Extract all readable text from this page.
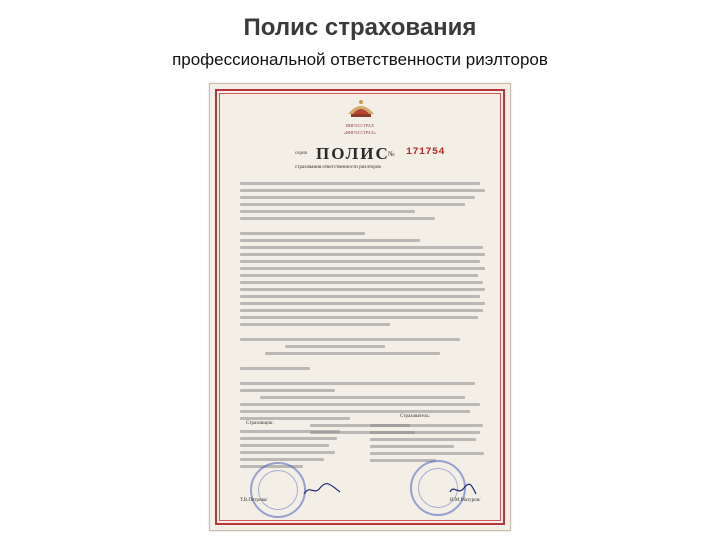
Полис страхования
профессиональной ответственности риэлторов
ИНГОССТРАХ
«ИНГОССТРАХ»
серия ПОЛИС
№ 171754
страхования ответственности риэлторов
Страховщик:
Страхователь:
Т.В.Петрова/	Н.М.Мазуров/
